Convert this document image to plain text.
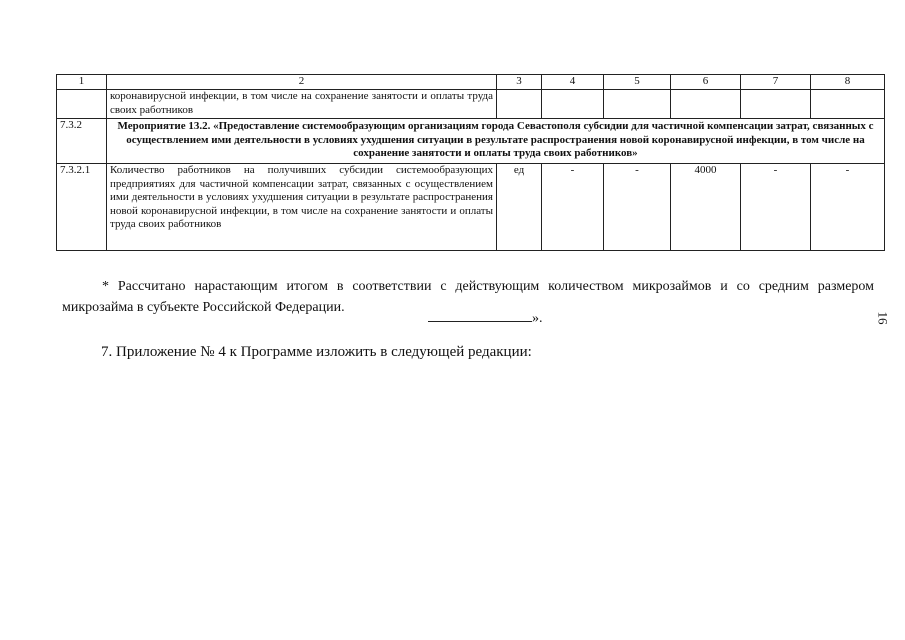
1	2	3	4	5	6	7	8
	коронавирусной инфекции, в том числе на сохранение занятости и оплаты труда своих работников						
7.3.2	Мероприятие 13.2. «Предоставление системообразующим организациям города Севастополя субсидии для частичной компенсации затрат, связанных с осуществлением ими деятельности в условиях ухудшения ситуации в результате распространения новой коронавирусной инфекции, в том числе на сохранение занятости и оплаты труда своих работников»						
7.3.2.1	Количество работников на получивших субсидии системообразующих предприятиях для частичной компенсации затрат, связанных с осуществлением ими деятельности в условиях ухудшения ситуации в результате распространения новой коронавирусной инфекции, в том числе на сохранение занятости и оплаты труда своих работников	ед	-	-	4000	-	-
* Рассчитано нарастающим итогом в соответствии с действующим количеством микрозаймов и со средним размером микрозайма в субъекте Российской Федерации.
».	16
7. Приложение № 4 к Программе изложить в следующей редакции:
